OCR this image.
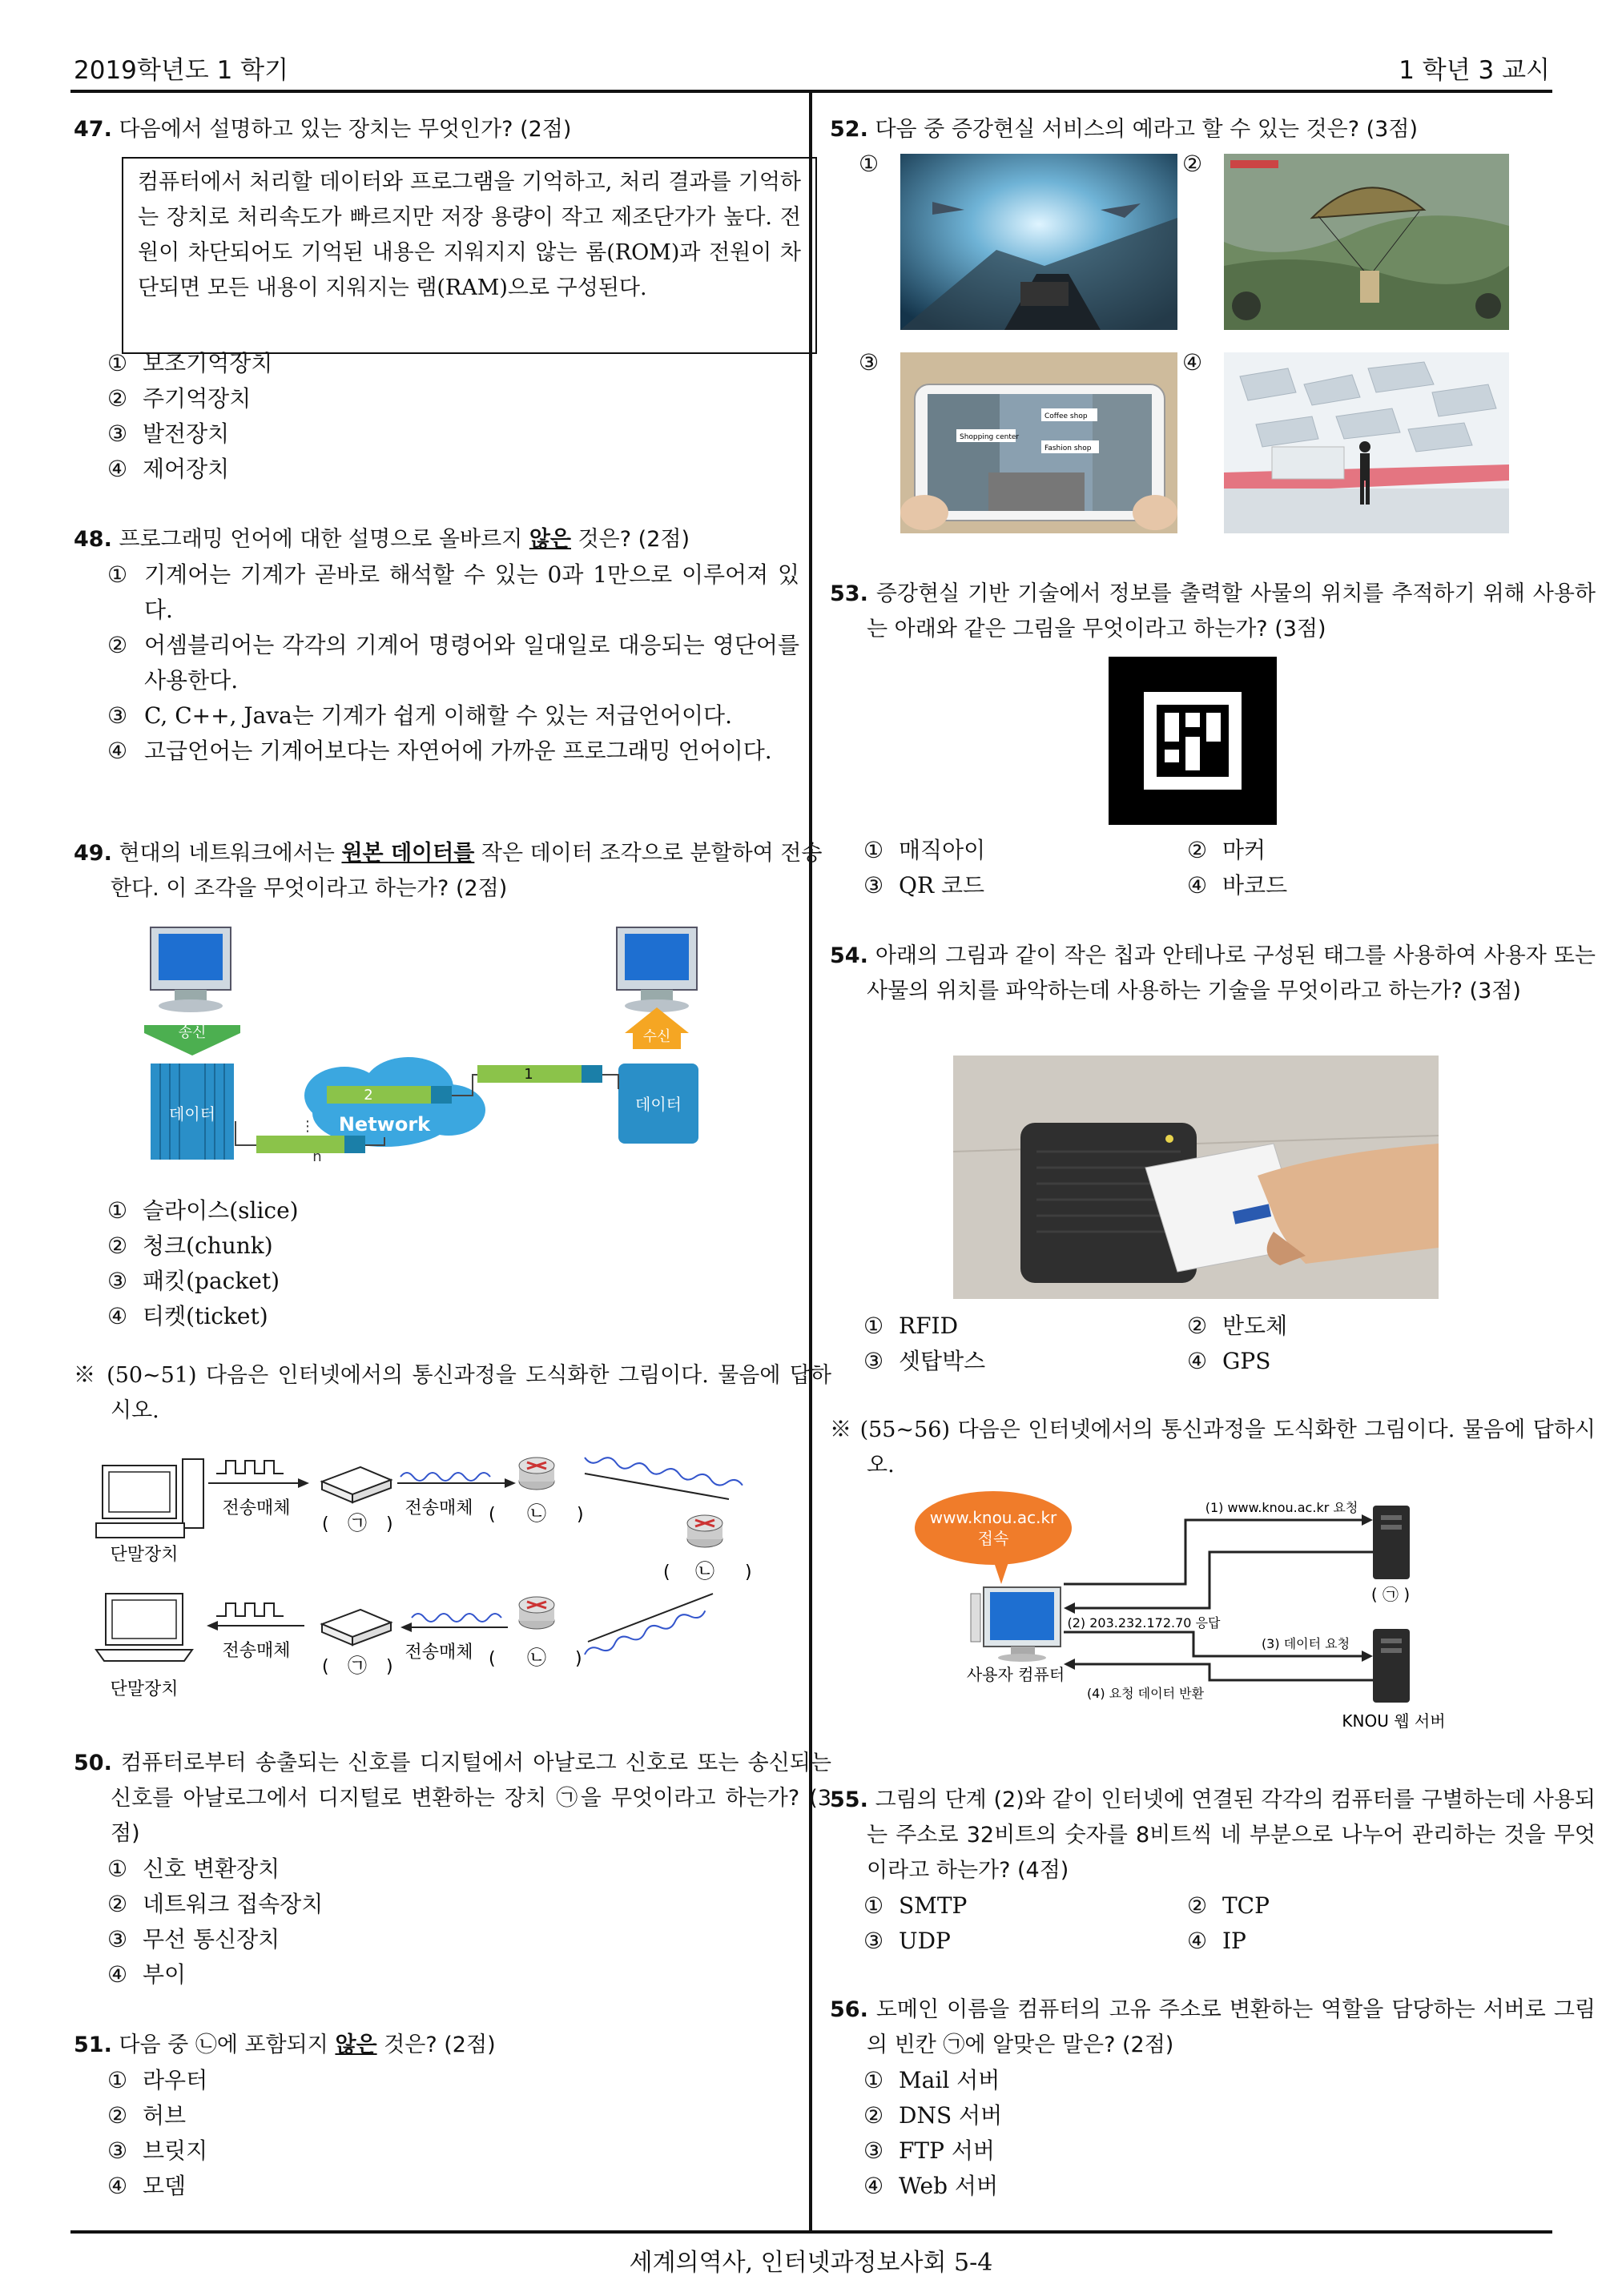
2019학년도 1 학기	1 학년 3 교시
47. 다음에서 설명하고 있는 장치는 무엇인가? (2점)
컴퓨터에서 처리할 데이터와 프로그램을 기억하고, 처리 결과를 기억하는 장치로 처리속도가 빠르지만 저장 용량이 작고 제조단가가 높다. 전원이 차단되어도 기억된 내용은 지워지지 않는 롬(ROM)과 전원이 차단되면 모든 내용이 지워지는 램(RAM)으로 구성된다.
① 보조기억장치
② 주기억장치
③ 발전장치
④ 제어장치
48. 프로그래밍 언어에 대한 설명으로 올바르지 않은 것은? (2점)
① 기계어는 기계가 곧바로 해석할 수 있는 0과 1만으로 이루어져 있다.
② 어셈블리어는 각각의 기계어 명령어와 일대일로 대응되는 영단어를 사용한다.
③ C, C++, Java는 기계가 쉽게 이해할 수 있는 저급언어이다.
④ 고급언어는 기계어보다는 자연어에 가까운 프로그래밍 언어이다.
49. 현대의 네트워크에서는 원본 데이터를 작은 데이터 조각으로 분할하여 전송한다. 이 조각을 무엇이라고 하는가? (2점)
송신	수신
데이터	데이터
Network
2
1
n
⋮
① 슬라이스(slice)
② 청크(chunk)
③ 패킷(packet)
④ 티켓(ticket)
※ (50~51) 다음은 인터넷에서의 통신과정을 도식화한 그림이다. 물음에 답하시오.
단말장치
전송매체
( ㉠ )
전송매체 ( ㉡ )
( ㉡ )
단말장치
전송매체
( ㉠ )
전송매체 ( ㉡ )
50. 컴퓨터로부터 송출되는 신호를 디지털에서 아날로그 신호로 또는 송신되는 신호를 아날로그에서 디지털로 변환하는 장치 ㉠을 무엇이라고 하는가? (3점)
① 신호 변환장치
② 네트워크 접속장치
③ 무선 통신장치
④ 부이
51. 다음 중 ㉡에 포함되지 않은 것은? (2점)
① 라우터
② 허브
③ 브릿지
④ 모뎀
52. 다음 중 증강현실 서비스의 예라고 할 수 있는 것은? (3점)
①	②
③	④
Shopping center
Coffee shop
Fashion shop
53. 증강현실 기반 기술에서 정보를 출력할 사물의 위치를 추적하기 위해 사용하는 아래와 같은 그림을 무엇이라고 하는가? (3점)
① 매직아이	② 마커
③ QR 코드	④ 바코드
54. 아래의 그림과 같이 작은 칩과 안테나로 구성된 태그를 사용하여 사용자 또는 사물의 위치를 파악하는데 사용하는 기술을 무엇이라고 하는가? (3점)
① RFID	② 반도체
③ 셋탑박스	④ GPS
※ (55~56) 다음은 인터넷에서의 통신과정을 도식화한 그림이다. 물음에 답하시오.
www.knou.ac.kr
접속
사용자 컴퓨터
( ㉠ )
KNOU 웹 서버
(1) www.knou.ac.kr 요청
(2) 203.232.172.70 응답
(3) 데이터 요청
(4) 요청 데이터 반환
55. 그림의 단계 (2)와 같이 인터넷에 연결된 각각의 컴퓨터를 구별하는데 사용되는 주소로 32비트의 숫자를 8비트씩 네 부분으로 나누어 관리하는 것을 무엇이라고 하는가? (4점)
① SMTP	② TCP
③ UDP	④ IP
56. 도메인 이름을 컴퓨터의 고유 주소로 변환하는 역할을 담당하는 서버로 그림의 빈칸 ㉠에 알맞은 말은? (2점)
① Mail 서버
② DNS 서버
③ FTP 서버
④ Web 서버
세계의역사, 인터넷과정보사회 5-4
